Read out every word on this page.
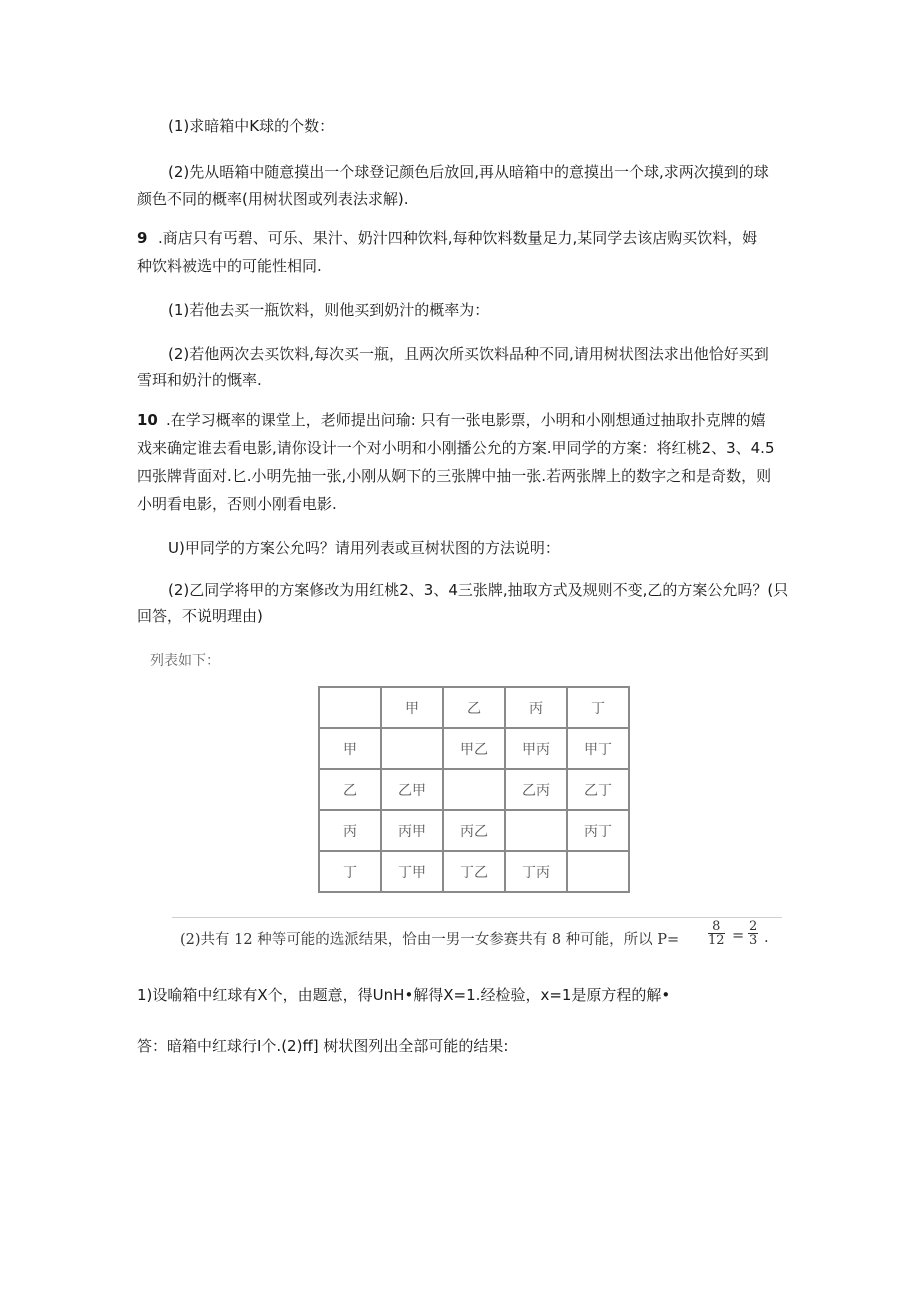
(1)求暗箱中K球的个数：
(2)先从晤箱中随意摸出一个球登记颜色后放回,再从暗箱中的意摸出一个球,求两次摸到的球
颜色不同的概率(用树状图或列表法求解).
9 .商店只有丐碧、可乐、果汁、奶汁四种饮料,每种饮料数量足力,某同学去该店购买饮料，姆
种饮料被选中的可能性相同.
(1)若他去买一瓶饮料，则他买到奶汁的概率为：
(2)若他两次去买饮料,每次买一瓶，且两次所买饮料品种不同,请用树状图法求出他恰好买到
雪珥和奶汁的慨率.
10 .在学习概率的课堂上，老师提出问瑜: 只有一张电影票，小明和小刚想通过抽取扑克牌的嬉
戏来确定谁去看电影,请你设计一个对小明和小刚播公允的方案.甲同学的方案：将红桃2、3、4.5
四张牌背面对.匕.小明先抽一张,小刚从婀下的三张牌中抽一张.若两张牌上的数字之和是奇数，则
小明看电影，否则小刚看电影.
U)甲同学的方案公允吗？请用列表或亘树状图的方法说明：
(2)乙同学将甲的方案修改为用红桃2、3、4三张牌,抽取方式及规则不变,乙的方案公允吗？(只
回答，不说明理由)
列表如下：
	甲	乙	丙	丁
甲		甲乙	甲丙	甲丁
乙	乙甲		乙丙	乙丁
丙	丙甲	丙乙		丙丁
丁	丁甲	丁乙	丁丙	
(2)共有 12 种等可能的选派结果，恰由一男一女参赛共有 8 种可能，所以 $P= \frac{8}{12} = \frac{2}{3}$ .
1)设喻箱中红球有X个，由题意，得UnH•解得X=1.经检验，x=1是原方程的解•
答：暗箱中红球行I个.(2)ff] 树状图列出全部可能的结果:
